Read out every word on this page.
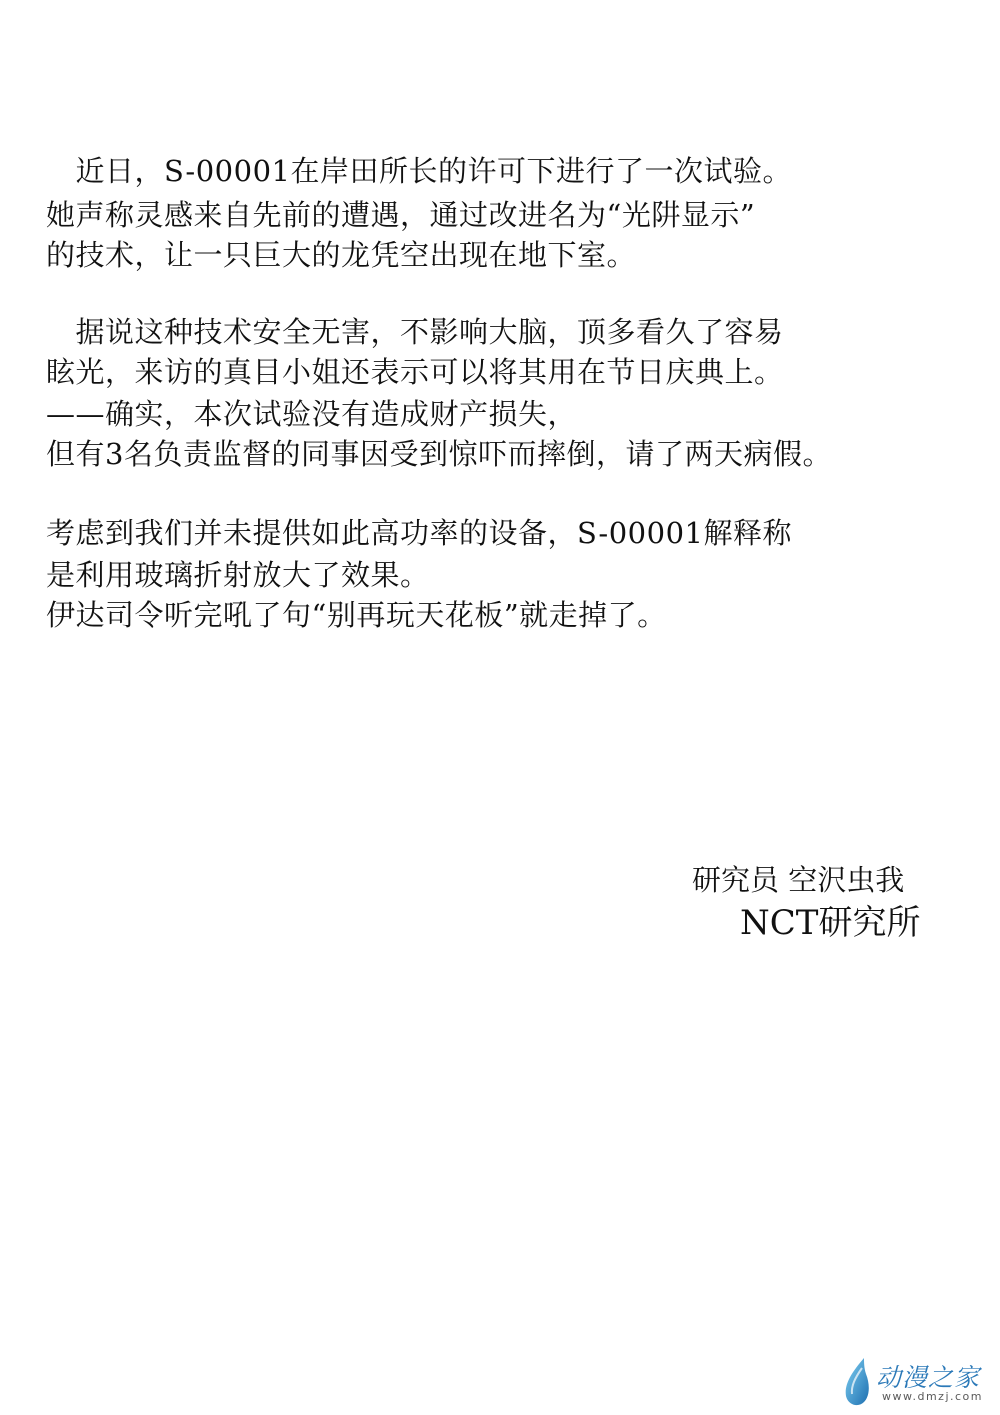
　近日，S-00001在岸田所长的许可下进行了一次试验。
她声称灵感来自先前的遭遇，通过改进名为“光阱显示”
的技术，让一只巨大的龙凭空出现在地下室。
　据说这种技术安全无害，不影响大脑，顶多看久了容易
眩光，来访的真目小姐还表示可以将其用在节日庆典上。
——确实，本次试验没有造成财产损失，
但有3名负责监督的同事因受到惊吓而摔倒，请了两天病假。
考虑到我们并未提供如此高功率的设备，S-00001解释称
是利用玻璃折射放大了效果。
伊达司令听完吼了句“别再玩天花板”就走掉了。
研究员 空沢虫我
NCT研究所
动漫之家
www.dmzj.com
